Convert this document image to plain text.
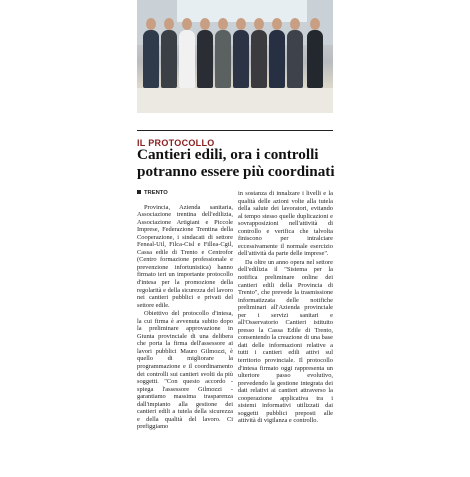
IL PROTOCOLLO
Cantieri edili, ora i controlli
potranno essere più coordinati
TRENTO

Provincia, Azienda sanitaria, Associazione trentina dell'edilizia, Associazione Artigiani e Piccole Imprese, Federazione Trentina della Cooperazione, i sindacati di settore Feneal-Uil, Filca-Cisl e Fillea-Cgil, Cassa edile di Trento e Centrofor (Centro formazione professionale e prevenzione infortunistica) hanno firmato ieri un importante protocollo d'intesa per la promozione della regolarità e della sicurezza del lavoro nei cantieri pubblici e privati del settore edile.

Obiettivo del protocollo d'intesa, la cui firma è avvenuta subito dopo la preliminare approvazione in Giunta provinciale di una delibera che porta la firma dell'assessore ai lavori pubblici Mauro Gilmozzi, è quello di migliorare la programmazione e il coordinamento dei controlli sui cantieri svolti da più soggetti. "Con questo accordo - spiega l'assessore Gilmozzi - garantiamo massima trasparenza dall'impianto alla gestione dei cantieri edili a tutela della sicurezza e della qualità del lavoro. Ci prefiggiamo

in sostanza di innalzare i livelli e la qualità delle azioni volte alla tutela della salute dei lavoratori, evitando al tempo stesso quelle duplicazioni e sovrapposizioni nell'attività di controllo e verifica che talvolta finiscono per intralciare eccessivamente il normale esercizio dell'attività da parte delle imprese".

Da oltre un anno opera nel settore dell'edilizia il "Sistema per la notifica preliminare online dei cantieri edili della Provincia di Trento", che prevede la trasmissione informatizzata delle notifiche preliminari all'Azienda provinciale per i servizi sanitari e all'Osservatorio Cantieri istituito presso la Cassa Edile di Trento, consentendo la creazione di una base dati delle informazioni relative a tutti i cantieri edili attivi sul territorio provinciale. Il protocollo d'intesa firmato oggi rappresenta un ulteriore passo evolutivo, prevedendo la gestione integrata dei dati relativi ai cantieri attraverso la cooperazione applicativa tra i sistemi informativi utilizzati dai soggetti pubblici preposti alle attività di vigilanza e controllo.
